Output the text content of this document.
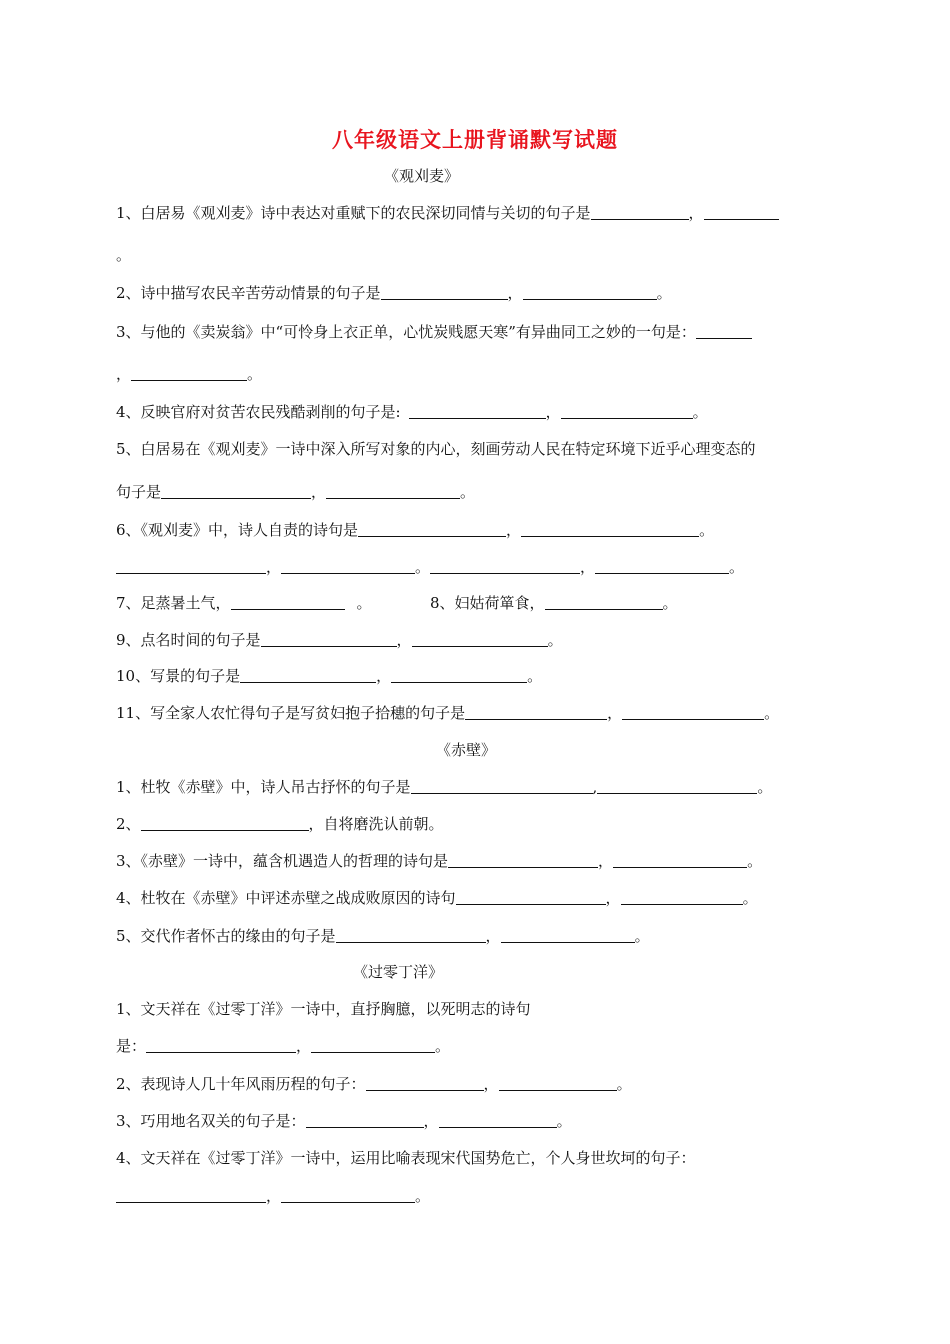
八年级语文上册背诵默写试题
《观刈麦》
1、白居易《观刈麦》诗中表达对重赋下的农民深切同情与关切的句子是	，
。
2、诗中描写农民辛苦劳动情景的句子是	，	。
3、与他的《卖炭翁》中“可怜身上衣正单，心忧炭贱愿天寒”有异曲同工之妙的一句是：
，	。
4、反映官府对贫苦农民残酷剥削的句子是:	，	。
5、白居易在《观刈麦》一诗中深入所写对象的内心，刻画劳动人民在特定环境下近乎心理变态的
句子是	，	。
6、《观刈麦》中，诗人自责的诗句是	，	。
，	。	，	。
7、足蒸暑土气，	。	8、妇姑荷箪食，	。
9、点名时间的句子是	，	。
10、写景的句子是	，	。
11、写全家人农忙得句子是写贫妇抱子拾穗的句子是	，	。
《赤壁》
1、杜牧《赤壁》中，诗人吊古抒怀的句子是	,	。
2、	，自将磨洗认前朝。
3、《赤壁》一诗中，蕴含机遇造人的哲理的诗句是	，	。
4、杜牧在《赤壁》中评述赤壁之战成败原因的诗句	，	。
5、交代作者怀古的缘由的句子是	，	。
《过零丁洋》
1、文天祥在《过零丁洋》一诗中，直抒胸臆，以死明志的诗句
是：	，	。
2、表现诗人几十年风雨历程的句子：	，	。
3、巧用地名双关的句子是：	，	。
4、文天祥在《过零丁洋》一诗中，运用比喻表现宋代国势危亡，个人身世坎坷的句子：
，	。
